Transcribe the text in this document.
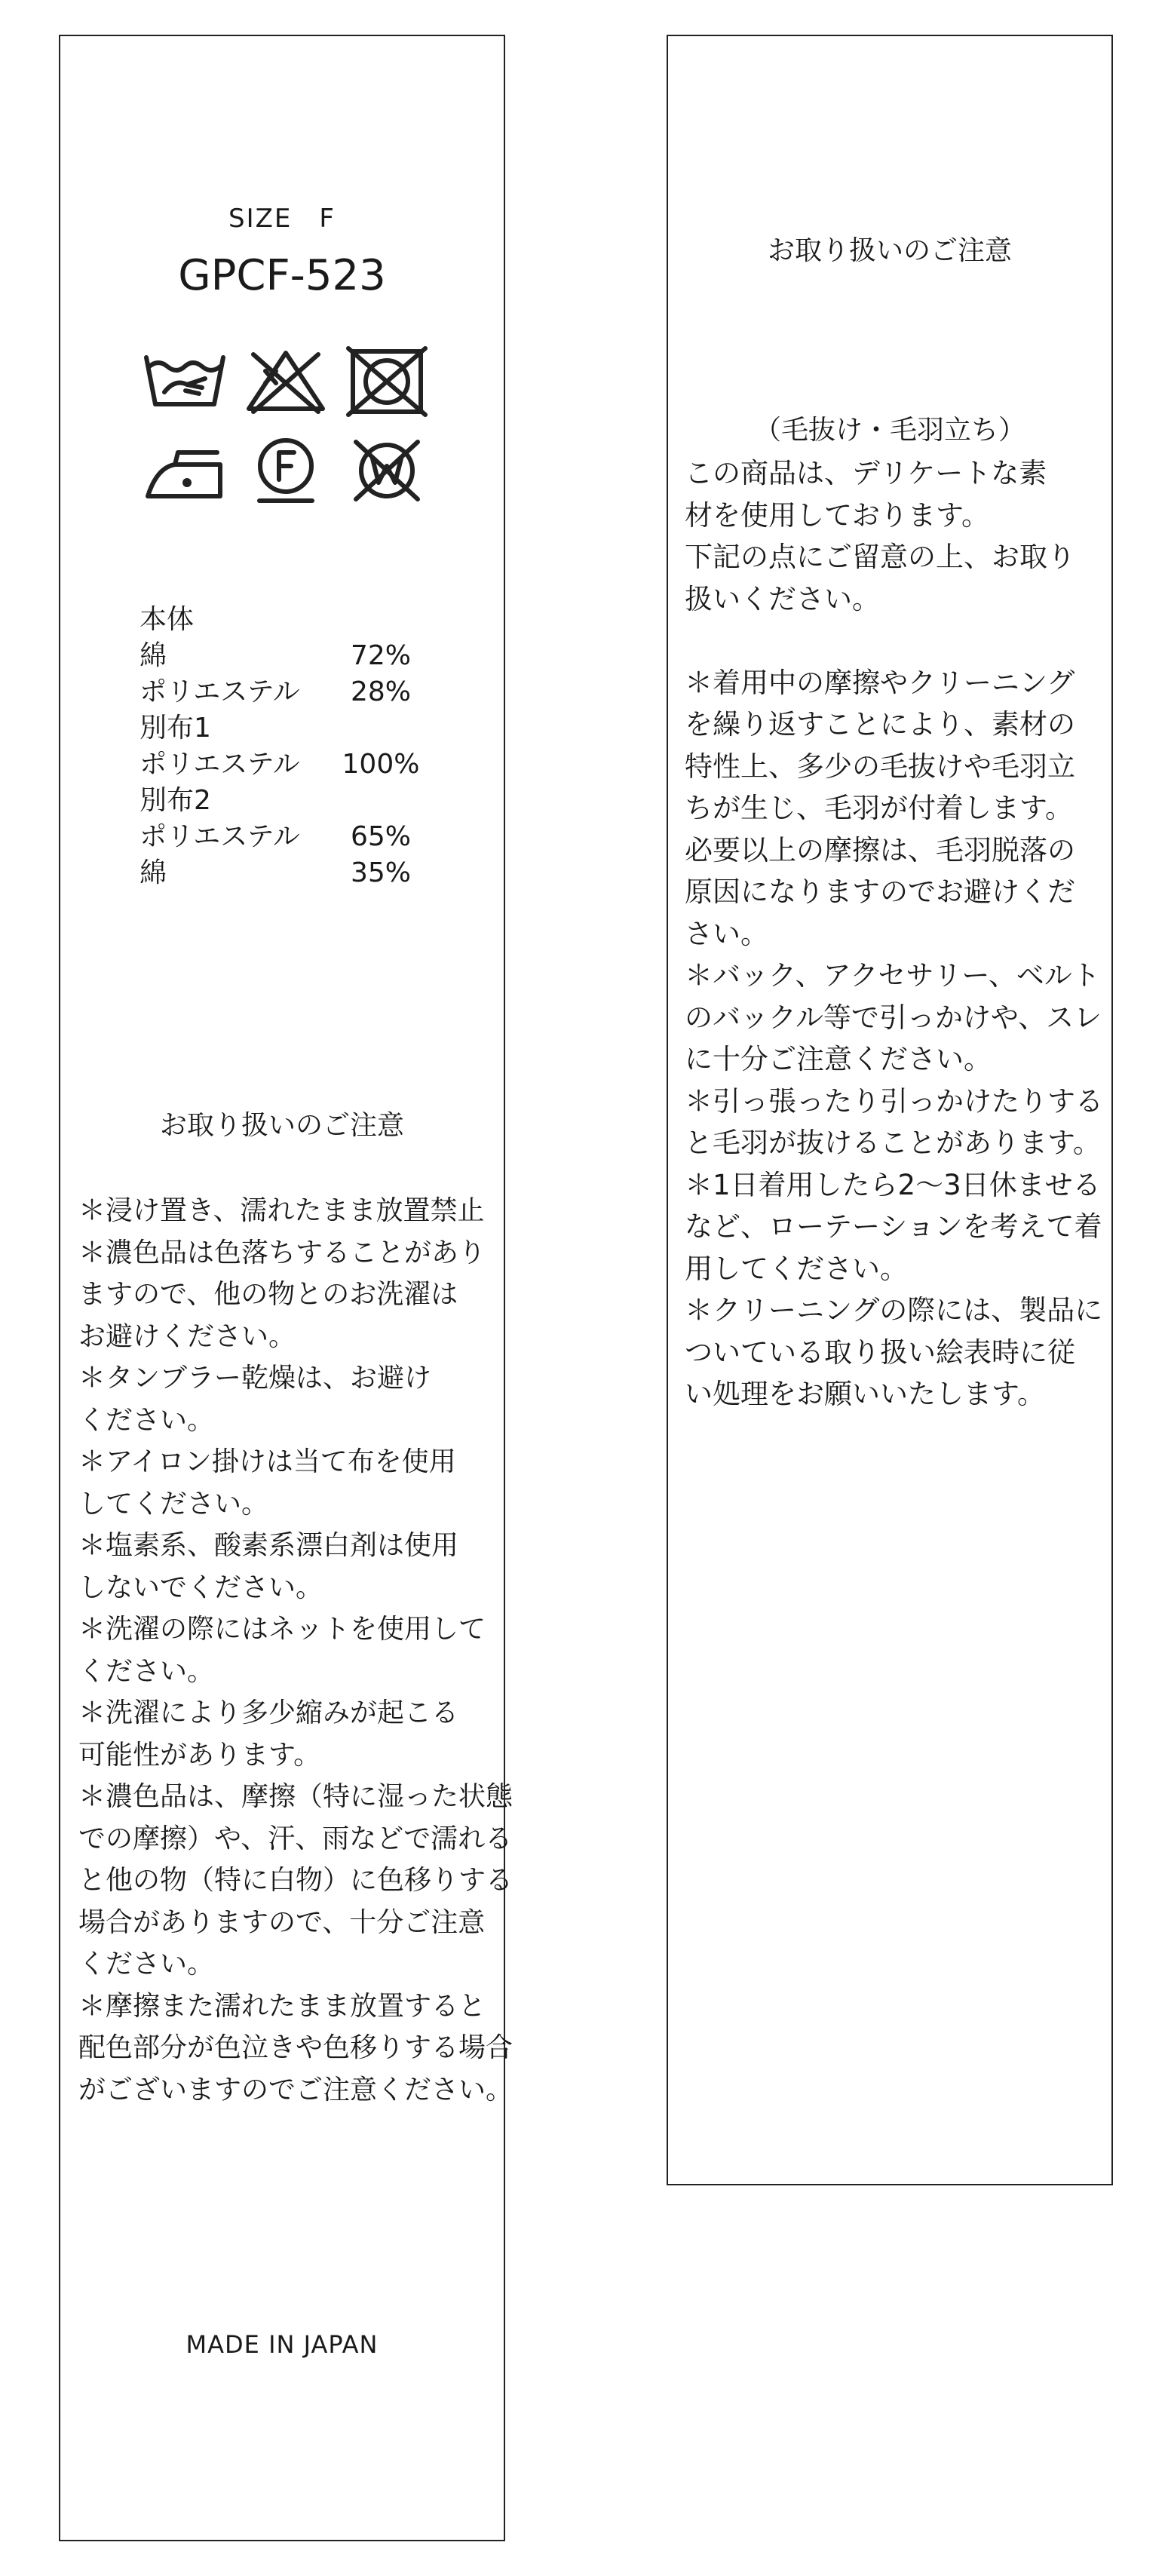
SIZE　F
GPCF-523
本体
綿	72%
ポリエステル	28%
別布1
ポリエステル	100%
別布2
ポリエステル	65%
綿	35%
お取り扱いのご注意
＊浸け置き、濡れたまま放置禁止
＊濃色品は色落ちすることがあり
ますので、他の物とのお洗濯は
お避けください。
＊タンブラー乾燥は、お避け
ください。
＊アイロン掛けは当て布を使用
してください。
＊塩素系、酸素系漂白剤は使用
しないでください。
＊洗濯の際にはネットを使用して
ください。
＊洗濯により多少縮みが起こる
可能性があります。
＊濃色品は、摩擦（特に湿った状態
での摩擦）や、汗、雨などで濡れる
と他の物（特に白物）に色移りする
場合がありますので、十分ご注意
ください。
＊摩擦また濡れたまま放置すると
配色部分が色泣きや色移りする場合
がございますのでご注意ください。
MADE IN JAPAN
お取り扱いのご注意
（毛抜け・毛羽立ち）
この商品は、デリケートな素
材を使用しております。
下記の点にご留意の上、お取り
扱いください。
＊着用中の摩擦やクリーニング
を繰り返すことにより、素材の
特性上、多少の毛抜けや毛羽立
ちが生じ、毛羽が付着します。
必要以上の摩擦は、毛羽脱落の
原因になりますのでお避けくだ
さい。
＊バック、アクセサリー、ベルト
のバックル等で引っかけや、スレ
に十分ご注意ください。
＊引っ張ったり引っかけたりする
と毛羽が抜けることがあります。
＊1日着用したら2〜3日休ませる
など、ローテーションを考えて着
用してください。
＊クリーニングの際には、製品に
ついている取り扱い絵表時に従
い処理をお願いいたします。
